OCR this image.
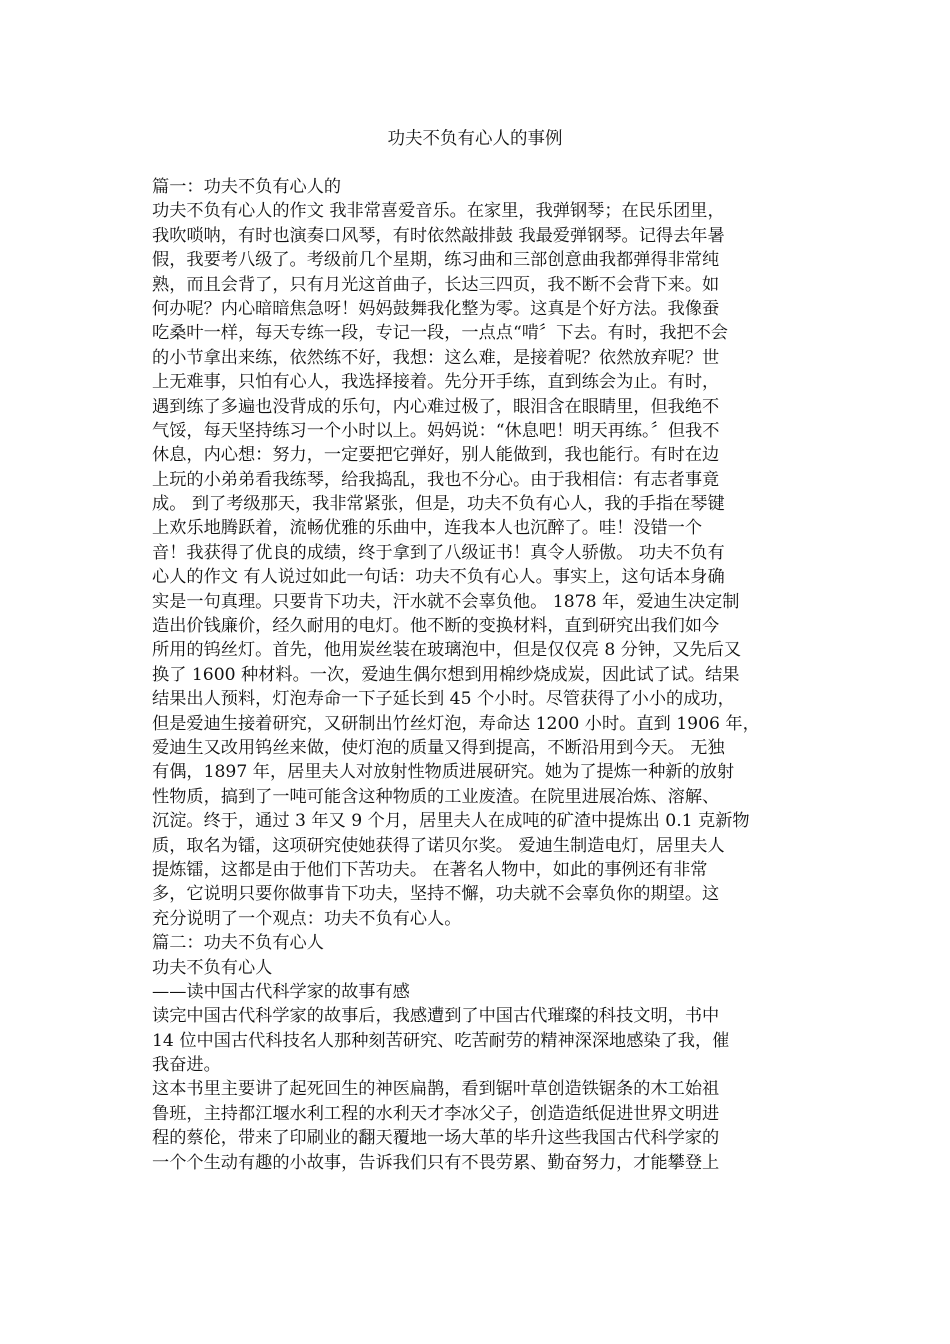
功夫不负有心人的事例
篇一：功夫不负有心人的
功夫不负有心人的作文 我非常喜爱音乐。在家里，我弹钢琴；在民乐团里，
我吹唢呐，有时也演奏口风琴，有时依然敲排鼓 我最爱弹钢琴。记得去年暑
假，我要考八级了。考级前几个星期，练习曲和三部创意曲我都弹得非常纯
熟，而且会背了，只有月光这首曲子，长达三四页，我不断不会背下来。如
何办呢？内心暗暗焦急呀！妈妈鼓舞我化整为零。这真是个好方法。我像蚕
吃桑叶一样，每天专练一段，专记一段，一点点“啃〞下去。有时，我把不会
的小节拿出来练，依然练不好，我想：这么难，是接着呢？依然放弃呢？世
上无难事，只怕有心人，我选择接着。先分开手练，直到练会为止。有时，
遇到练了多遍也没背成的乐句，内心难过极了，眼泪含在眼睛里，但我绝不
气馁，每天坚持练习一个小时以上。妈妈说：“休息吧！明天再练。〞但我不
休息，内心想：努力，一定要把它弹好，别人能做到，我也能行。有时在边
上玩的小弟弟看我练琴，给我捣乱，我也不分心。由于我相信：有志者事竟
成。 到了考级那天，我非常紧张，但是，功夫不负有心人，我的手指在琴键
上欢乐地腾跃着，流畅优雅的乐曲中，连我本人也沉醉了。哇！没错一个
音！我获得了优良的成绩，终于拿到了八级证书！真令人骄傲。 功夫不负有
心人的作文 有人说过如此一句话：功夫不负有心人。事实上，这句话本身确
实是一句真理。只要肯下功夫，汗水就不会辜负他。 1878 年，爱迪生决定制
造出价钱廉价，经久耐用的电灯。他不断的变换材料，直到研究出我们如今
所用的钨丝灯。首先，他用炭丝装在玻璃泡中，但是仅仅亮 8 分钟，又先后又
换了 1600 种材料。一次，爱迪生偶尔想到用棉纱烧成炭，因此试了试。结果
结果出人预料，灯泡寿命一下子延长到 45 个小时。尽管获得了小小的成功，
但是爱迪生接着研究，又研制出竹丝灯泡，寿命达 1200 小时。直到 1906 年，
爱迪生又改用钨丝来做，使灯泡的质量又得到提高，不断沿用到今天。 无独
有偶，1897 年，居里夫人对放射性物质进展研究。她为了提炼一种新的放射
性物质，搞到了一吨可能含这种物质的工业废渣。在院里进展冶炼、溶解、
沉淀。终于，通过 3 年又 9 个月，居里夫人在成吨的矿渣中提炼出 0.1 克新物
质，取名为镭，这项研究使她获得了诺贝尔奖。 爱迪生制造电灯，居里夫人
提炼镭，这都是由于他们下苦功夫。 在著名人物中，如此的事例还有非常
多，它说明只要你做事肯下功夫，坚持不懈，功夫就不会辜负你的期望。这
充分说明了一个观点：功夫不负有心人。
篇二：功夫不负有心人
功夫不负有心人
——读中国古代科学家的故事有感
读完中国古代科学家的故事后，我感遭到了中国古代璀璨的科技文明，书中
14 位中国古代科技名人那种刻苦研究、吃苦耐劳的精神深深地感染了我，催
我奋进。
这本书里主要讲了起死回生的神医扁鹊，看到锯叶草创造铁锯条的木工始祖
鲁班，主持都江堰水利工程的水利天才李冰父子，创造造纸促进世界文明进
程的蔡伦，带来了印刷业的翻天覆地一场大革的毕升这些我国古代科学家的
一个个生动有趣的小故事，告诉我们只有不畏劳累、勤奋努力，才能攀登上
